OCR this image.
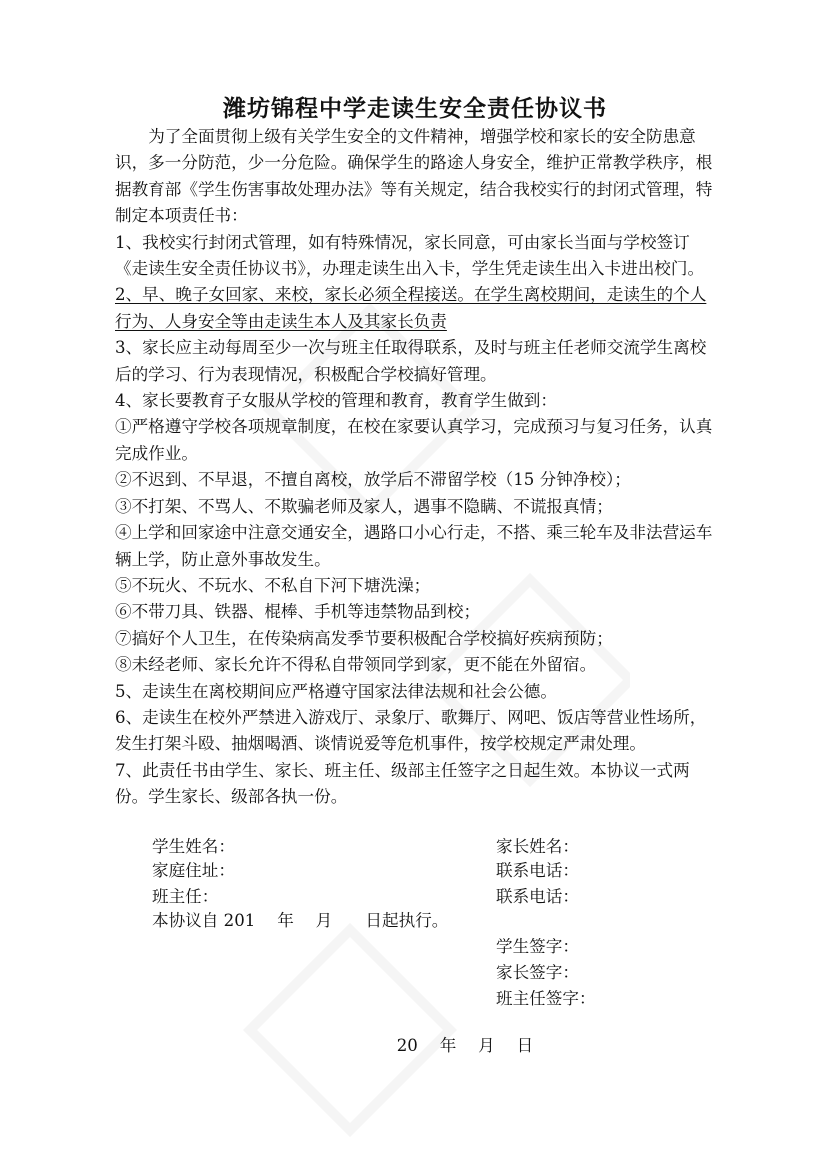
潍坊锦程中学走读生安全责任协议书

为了全面贯彻上级有关学生安全的文件精神，增强学校和家长的安全防患意识，多一分防范，少一分危险。确保学生的路途人身安全，维护正常教学秩序，根据教育部《学生伤害事故处理办法》等有关规定，结合我校实行的封闭式管理，特制定本项责任书：

1、我校实行封闭式管理，如有特殊情况，家长同意，可由家长当面与学校签订《走读生安全责任协议书》，办理走读生出入卡，学生凭走读生出入卡进出校门。

2、早、晚子女回家、来校，家长必须全程接送。在学生离校期间，走读生的个人行为、人身安全等由走读生本人及其家长负责

3、家长应主动每周至少一次与班主任取得联系，及时与班主任老师交流学生离校后的学习、行为表现情况，积极配合学校搞好管理。

4、家长要教育子女服从学校的管理和教育，教育学生做到：

①严格遵守学校各项规章制度，在校在家要认真学习，完成预习与复习任务，认真完成作业。

②不迟到、不早退，不擅自离校，放学后不滞留学校（15 分钟净校）；

③不打架、不骂人、不欺骗老师及家人，遇事不隐瞒、不谎报真情；

④上学和回家途中注意交通安全，遇路口小心行走，不搭、乘三轮车及非法营运车辆上学，防止意外事故发生。

⑤不玩火、不玩水、不私自下河下塘洗澡；

⑥不带刀具、铁器、棍棒、手机等违禁物品到校；

⑦搞好个人卫生，在传染病高发季节要积极配合学校搞好疾病预防；

⑧未经老师、家长允许不得私自带领同学到家，更不能在外留宿。

5、走读生在离校期间应严格遵守国家法律法规和社会公德。

6、走读生在校外严禁进入游戏厅、录象厅、歌舞厅、网吧、饭店等营业性场所，发生打架斗殴、抽烟喝酒、谈情说爱等危机事件，按学校规定严肃处理。

7、此责任书由学生、家长、班主任、级部主任签字之日起生效。本协议一式两份。学生家长、级部各执一份。

学生姓名：	家长姓名：
家庭住址：	联系电话：
班主任：	联系电话：
本协议自 201　 年　 月　　日起执行。
学生签字：
家长签字：
班主任签字：
20　 年　 月　 日
